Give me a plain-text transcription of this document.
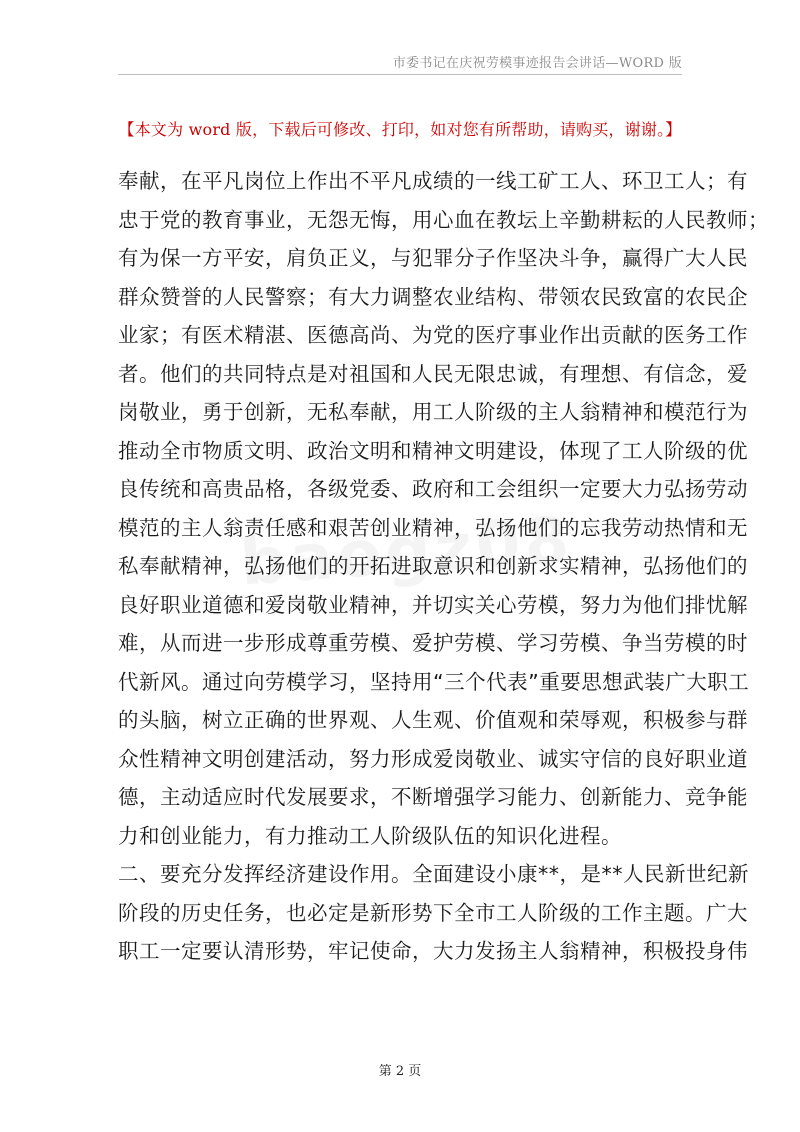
市委书记在庆祝劳模事迹报告会讲话—WORD 版
【本文为 word 版，下载后可修改、打印，如对您有所帮助，请购买，谢谢。】
奉献，在平凡岗位上作出不平凡成绩的一线工矿工人、环卫工人；有
忠于党的教育事业，无怨无悔，用心血在教坛上辛勤耕耘的人民教师；
有为保一方平安，肩负正义，与犯罪分子作坚决斗争，赢得广大人民
群众赞誉的人民警察；有大力调整农业结构、带领农民致富的农民企
业家；有医术精湛、医德高尚、为党的医疗事业作出贡献的医务工作
者。他们的共同特点是对祖国和人民无限忠诚，有理想、有信念，爱
岗敬业，勇于创新，无私奉献，用工人阶级的主人翁精神和模范行为
推动全市物质文明、政治文明和精神文明建设，体现了工人阶级的优
良传统和高贵品格，各级党委、政府和工会组织一定要大力弘扬劳动
模范的主人翁责任感和艰苦创业精神，弘扬他们的忘我劳动热情和无
私奉献精神，弘扬他们的开拓进取意识和创新求实精神，弘扬他们的
良好职业道德和爱岗敬业精神，并切实关心劳模，努力为他们排忧解
难，从而进一步形成尊重劳模、爱护劳模、学习劳模、争当劳模的时
代新风。通过向劳模学习，坚持用“三个代表”重要思想武装广大职工
的头脑，树立正确的世界观、人生观、价值观和荣辱观，积极参与群
众性精神文明创建活动，努力形成爱岗敬业、诚实守信的良好职业道
德，主动适应时代发展要求，不断增强学习能力、创新能力、竞争能
力和创业能力，有力推动工人阶级队伍的知识化进程。
二、要充分发挥经济建设作用。全面建设小康**，是**人民新世纪新
阶段的历史任务，也必定是新形势下全市工人阶级的工作主题。广大
职工一定要认清形势，牢记使命，大力发扬主人翁精神，积极投身伟
第 2 页
